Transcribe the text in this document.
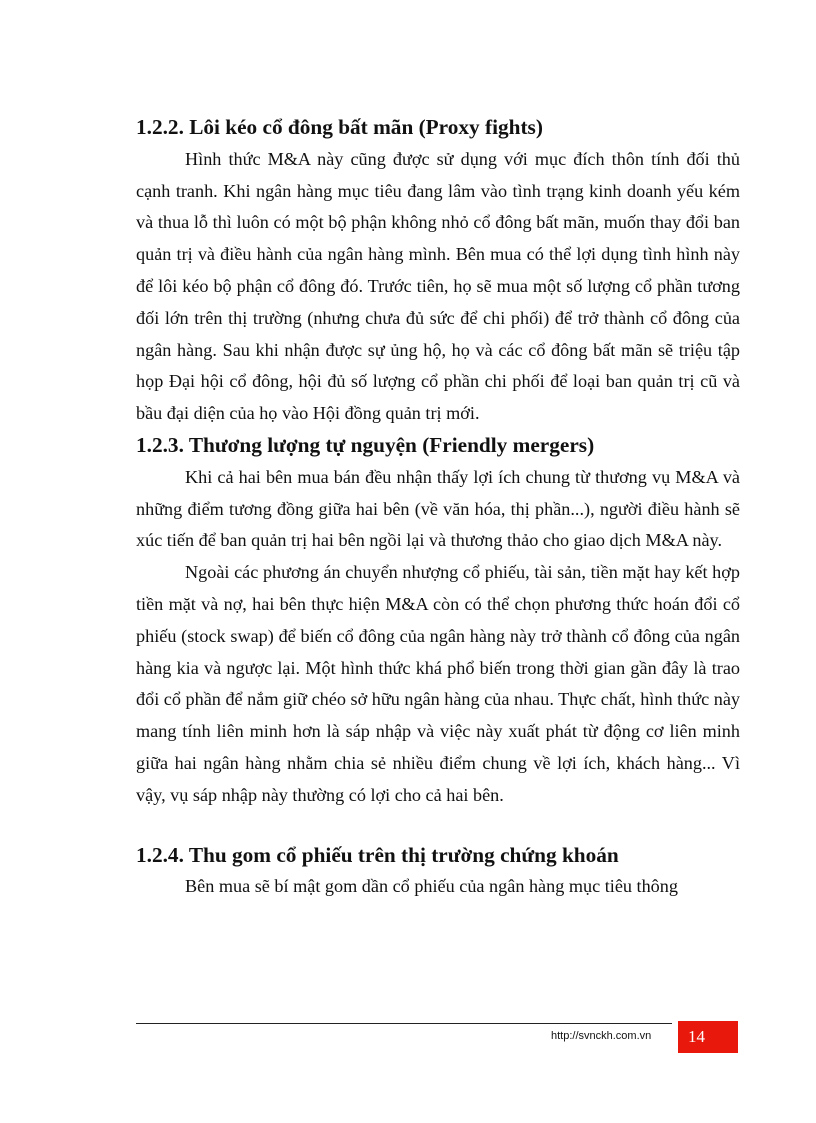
1.2.2. Lôi kéo cổ đông bất mãn (Proxy fights)

Hình thức M&A này cũng được sử dụng với mục đích thôn tính đối thủ cạnh tranh. Khi ngân hàng mục tiêu đang lâm vào tình trạng kinh doanh yếu kém và thua lỗ thì luôn có một bộ phận không nhỏ cổ đông bất mãn, muốn thay đổi ban quản trị và điều hành của ngân hàng mình. Bên mua có thể lợi dụng tình hình này để lôi kéo bộ phận cổ đông đó. Trước tiên, họ sẽ mua một số lượng cổ phần tương đối lớn trên thị trường (nhưng chưa đủ sức để chi phối) để trở thành cổ đông của ngân hàng. Sau khi nhận được sự ủng hộ, họ và các cổ đông bất mãn sẽ triệu tập họp Đại hội cổ đông, hội đủ số lượng cổ phần chi phối để loại ban quản trị cũ và bầu đại diện của họ vào Hội đồng quản trị mới.

1.2.3. Thương lượng tự nguyện (Friendly mergers)

Khi cả hai bên mua bán đều nhận thấy lợi ích chung từ thương vụ M&A và những điểm tương đồng giữa hai bên (về văn hóa, thị phần...), người điều hành sẽ xúc tiến để ban quản trị hai bên ngồi lại và thương thảo cho giao dịch M&A này.

Ngoài các phương án chuyển nhượng cổ phiếu, tài sản, tiền mặt hay kết hợp tiền mặt và nợ, hai bên thực hiện M&A còn có thể chọn phương thức hoán đổi cổ phiếu (stock swap) để biến cổ đông của ngân hàng này trở thành cổ đông của ngân hàng kia và ngược lại. Một hình thức khá phổ biến trong thời gian gần đây là trao đổi cổ phần để nắm giữ chéo sở hữu ngân hàng của nhau. Thực chất, hình thức này mang tính liên minh hơn là sáp nhập và việc này xuất phát từ động cơ liên minh giữa hai ngân hàng nhằm chia sẻ nhiều điểm chung về lợi ích, khách hàng... Vì vậy, vụ sáp nhập này thường có lợi cho cả hai bên.

1.2.4. Thu gom cổ phiếu trên thị trường chứng khoán

Bên mua sẽ bí mật gom dần cổ phiếu của ngân hàng mục tiêu thông

http://svnckh.com.vn	14
